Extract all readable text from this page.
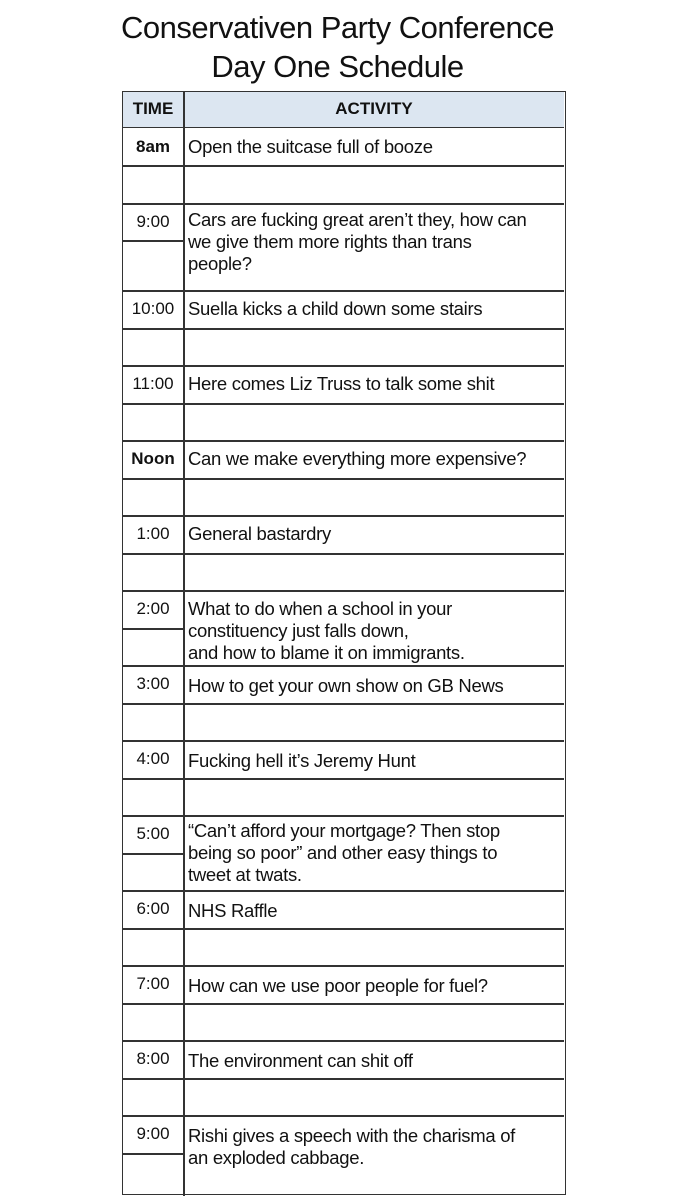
Conservativen Party Conference
Day One Schedule
TIME	ACTIVITY
8am
9:00
10:00
11:00
Noon
1:00
2:00
3:00
4:00
5:00
6:00
7:00
8:00
9:00
Open the suitcase full of booze
Cars are fucking great aren’t they, how can
we give them more rights than trans
people?
Suella kicks a child down some stairs
Here comes Liz Truss to talk some shit
Can we make everything more expensive?
General bastardry
What to do when a school in your
constituency just falls down,
and how to blame it on immigrants.
How to get your own show on GB News
Fucking hell it’s Jeremy Hunt
“Can’t afford your mortgage? Then stop
being so poor” and other easy things to
tweet at twats.
NHS Raffle
How can we use poor people for fuel?
The environment can shit off
Rishi gives a speech with the charisma of
an exploded cabbage.
